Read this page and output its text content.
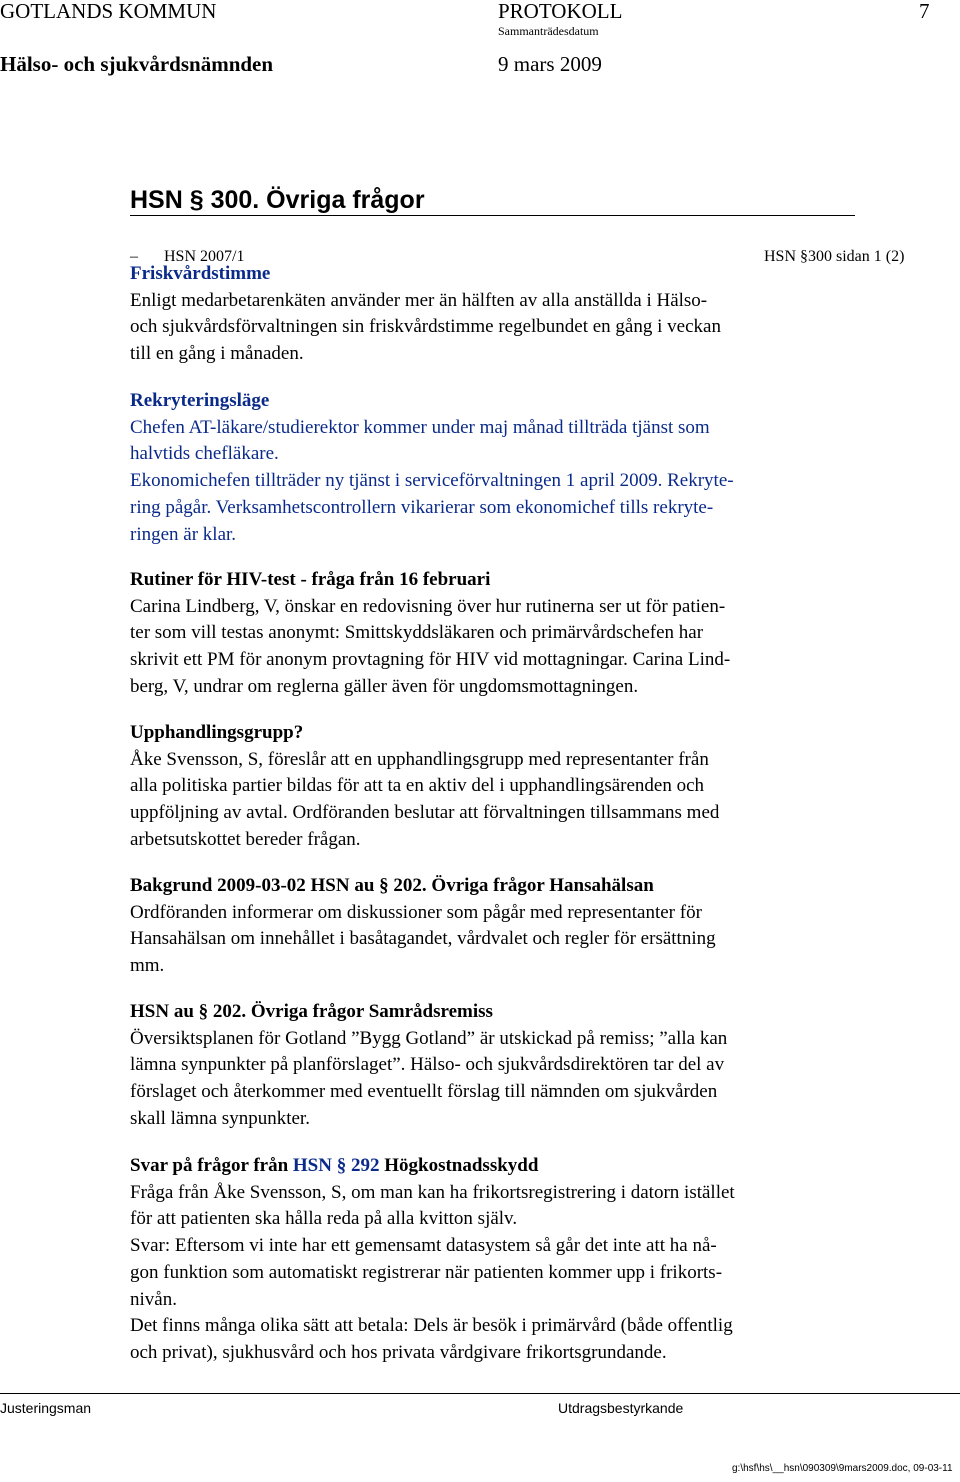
GOTLANDS KOMMUN	PROTOKOLL	7
Sammanträdesdatum
Hälso- och sjukvårdsnämnden	9 mars 2009
HSN § 300. Övriga frågor
– HSN 2007/1	HSN §300 sidan 1 (2)
Friskvårdstimme
Enligt medarbetarenkäten använder mer än hälften av alla anställda i Hälso-
och sjukvårdsförvaltningen sin friskvårdstimme regelbundet en gång i veckan
till en gång i månaden.
Rekryteringsläge
Chefen AT-läkare/studierektor kommer under maj månad tillträda tjänst som
halvtids chefläkare.
Ekonomichefen tillträder ny tjänst i serviceförvaltningen 1 april 2009. Rekryte-
ring pågår. Verksamhetscontrollern vikarierar som ekonomichef tills rekryte-
ringen är klar.
Rutiner för HIV-test - fråga från 16 februari
Carina Lindberg, V, önskar en redovisning över hur rutinerna ser ut för patien-
ter som vill testas anonymt: Smittskyddsläkaren och primärvårdschefen har
skrivit ett PM för anonym provtagning för HIV vid mottagningar. Carina Lind-
berg, V, undrar om reglerna gäller även för ungdomsmottagningen.
Upphandlingsgrupp?
Åke Svensson, S, föreslår att en upphandlingsgrupp med representanter från
alla politiska partier bildas för att ta en aktiv del i upphandlingsärenden och
uppföljning av avtal. Ordföranden beslutar att förvaltningen tillsammans med
arbetsutskottet bereder frågan.
Bakgrund 2009-03-02 HSN au § 202. Övriga frågor Hansahälsan
Ordföranden informerar om diskussioner som pågår med representanter för
Hansahälsan om innehållet i basåtagandet, vårdvalet och regler för ersättning
mm.
HSN au § 202. Övriga frågor Samrådsremiss
Översiktsplanen för Gotland ”Bygg Gotland” är utskickad på remiss; ”alla kan
lämna synpunkter på planförslaget”. Hälso- och sjukvårdsdirektören tar del av
förslaget och återkommer med eventuellt förslag till nämnden om sjukvården
skall lämna synpunkter.
Svar på frågor från HSN § 292 Högkostnadsskydd
Fråga från Åke Svensson, S, om man kan ha frikortsregistrering i datorn istället
för att patienten ska hålla reda på alla kvitton själv.
Svar: Eftersom vi inte har ett gemensamt datasystem så går det inte att ha nå-
gon funktion som automatiskt registrerar när patienten kommer upp i frikorts-
nivån.
Det finns många olika sätt att betala: Dels är besök i primärvård (både offentlig
och privat), sjukhusvård och hos privata vårdgivare frikortsgrundande.
Justeringsman	Utdragsbestyrkande
g:\hsf\hs\__hsn\090309\9mars2009.doc, 09-03-11
